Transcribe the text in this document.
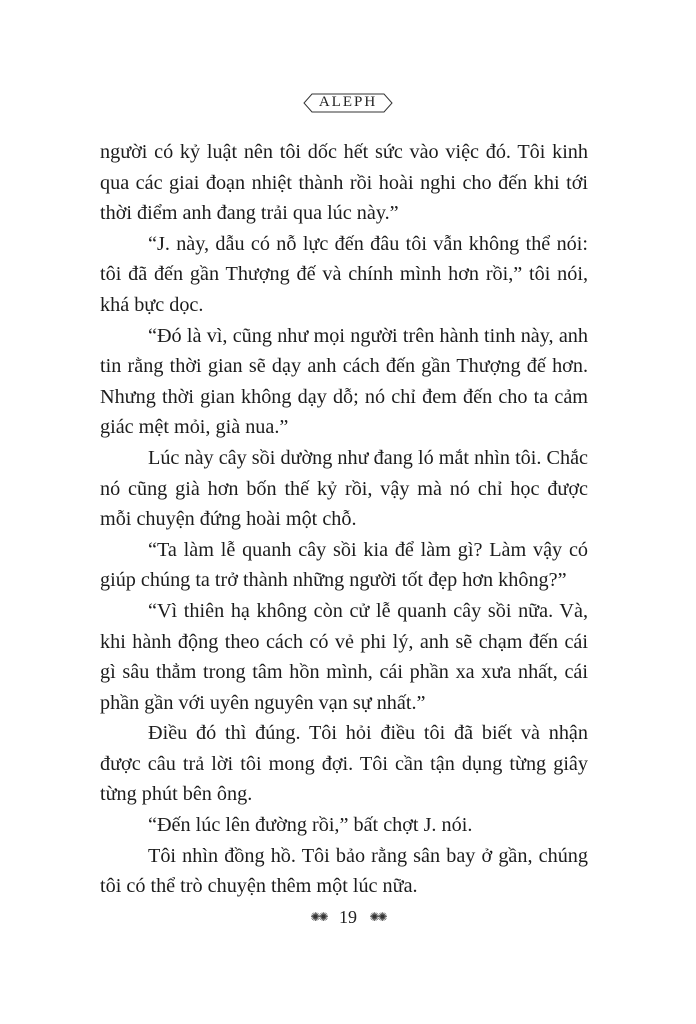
ALEPH

người có kỷ luật nên tôi dốc hết sức vào việc đó. Tôi kinh qua các giai đoạn nhiệt thành rồi hoài nghi cho đến khi tới thời điểm anh đang trải qua lúc này.”

“J. này, dẫu có nỗ lực đến đâu tôi vẫn không thể nói: tôi đã đến gần Thượng đế và chính mình hơn rồi,” tôi nói, khá bực dọc.

“Đó là vì, cũng như mọi người trên hành tinh này, anh tin rằng thời gian sẽ dạy anh cách đến gần Thượng đế hơn. Nhưng thời gian không dạy dỗ; nó chỉ đem đến cho ta cảm giác mệt mỏi, già nua.”

Lúc này cây sồi dường như đang ló mắt nhìn tôi. Chắc nó cũng già hơn bốn thế kỷ rồi, vậy mà nó chỉ học được mỗi chuyện đứng hoài một chỗ.

“Ta làm lễ quanh cây sồi kia để làm gì? Làm vậy có giúp chúng ta trở thành những người tốt đẹp hơn không?”

“Vì thiên hạ không còn cử lễ quanh cây sồi nữa. Và, khi hành động theo cách có vẻ phi lý, anh sẽ chạm đến cái gì sâu thẳm trong tâm hồn mình, cái phần xa xưa nhất, cái phần gần với uyên nguyên vạn sự nhất.”

Điều đó thì đúng. Tôi hỏi điều tôi đã biết và nhận được câu trả lời tôi mong đợi. Tôi cần tận dụng từng giây từng phút bên ông.

“Đến lúc lên đường rồi,” bất chợt J. nói.

Tôi nhìn đồng hồ. Tôi bảo rằng sân bay ở gần, chúng tôi có thể trò chuyện thêm một lúc nữa.

✺✺ 19 ✺✺
